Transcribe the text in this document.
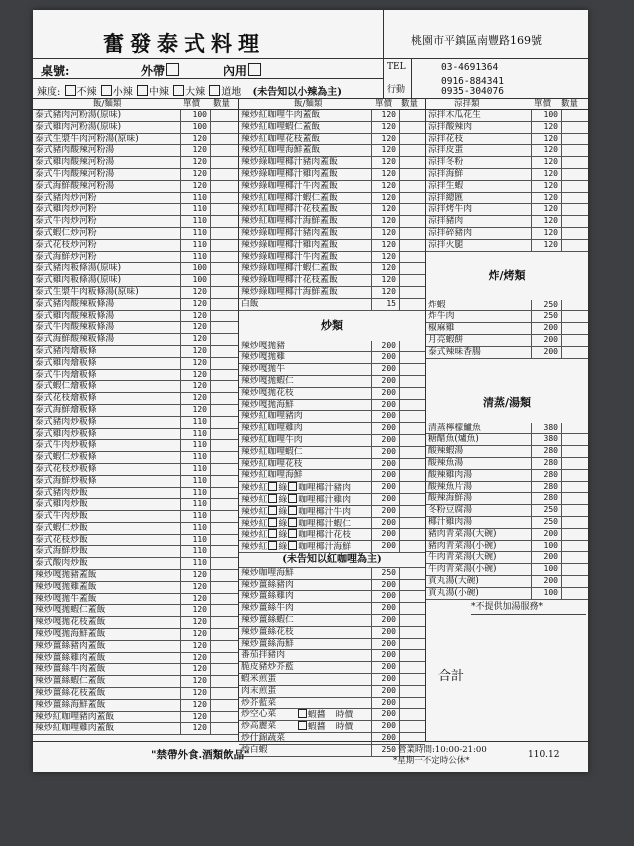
奮發泰式料理	桃園市平鎮區南豐路169號
桌號:	外帶	內用	TEL
行動
03-4691364
0916-884341
0935-304076
辣度: 不辣 小辣 中辣 大辣 道地 (未告知以小辣為主)
飯/麵類	單價 數量
泰式豬肉河粉湯(原味)	100
泰式雞肉河粉湯(原味)	100
泰式生漿牛肉河粉湯(原味)	120
泰式豬肉酸辣河粉湯	120
泰式雞肉酸辣河粉湯	120
泰式牛肉酸辣河粉湯	120
泰式海鮮酸辣河粉湯	120
泰式豬肉炒河粉	110
泰式雞肉炒河粉	110
泰式牛肉炒河粉	110
泰式蝦仁炒河粉	110
泰式花枝炒河粉	110
泰式海鮮炒河粉	110
泰式豬肉粄條湯(原味)	100
泰式雞肉粄條湯(原味)	100
泰式生漿牛肉粄條湯(原味)	120
泰式豬肉酸辣粄條湯	120
泰式雞肉酸辣粄條湯	120
泰式牛肉酸辣粄條湯	120
泰式海鮮酸辣粄條湯	120
泰式豬肉燴粄條	120
泰式雞肉燴粄條	120
泰式牛肉燴粄條	120
泰式蝦仁燴粄條	120
泰式花枝燴粄條	120
泰式海鮮燴粄條	120
泰式豬肉炒粄條	110
泰式雞肉炒粄條	110
泰式牛肉炒粄條	110
泰式蝦仁炒粄條	110
泰式花枝炒粄條	110
泰式海鮮炒粄條	110
泰式豬肉炒飯	110
泰式雞肉炒飯	110
泰式牛肉炒飯	110
泰式蝦仁炒飯	110
泰式花枝炒飯	110
泰式海鮮炒飯	110
泰式酸肉炒飯	110
辣炒嘎拋豬蓋飯	120
辣炒嘎拋雞蓋飯	120
辣炒嘎拋牛蓋飯	120
辣炒嘎拋蝦仁蓋飯	120
辣炒嘎拋花枝蓋飯	120
辣炒嘎拋海鮮蓋飯	120
辣炒薑絲豬肉蓋飯	120
辣炒薑絲雞肉蓋飯	120
辣炒薑絲牛肉蓋飯	120
辣炒薑絲蝦仁蓋飯	120
辣炒薑絲花枝蓋飯	120
辣炒薑絲海鮮蓋飯	120
辣炒紅咖哩豬肉蓋飯	120
辣炒紅咖哩雞肉蓋飯	120
飯/麵類	單價 數量
辣炒紅咖哩牛肉蓋飯	120
辣炒紅咖哩蝦仁蓋飯	120
辣炒紅咖哩花枝蓋飯	120
辣炒紅咖哩海鮮蓋飯	120
辣炒綠咖哩椰汁豬肉蓋飯	120
辣炒綠咖哩椰汁雞肉蓋飯	120
辣炒綠咖哩椰汁牛肉蓋飯	120
辣炒紅咖哩椰汁蝦仁蓋飯	120
辣炒紅咖哩椰汁花枝蓋飯	120
辣炒紅咖哩椰汁海鮮蓋飯	120
辣炒綠咖哩椰汁豬肉蓋飯	120
辣炒綠咖哩椰汁雞肉蓋飯	120
辣炒綠咖哩椰汁牛肉蓋飯	120
辣炒綠咖哩椰汁蝦仁蓋飯	120
辣炒綠咖哩椰汁花枝蓋飯	120
辣炒綠咖哩椰汁海鮮蓋飯	120
白飯	15
炒類
辣炒嘎拋豬	200
辣炒嘎拋雞	200
辣炒嘎拋牛	200
辣炒嘎拋蝦仁	200
辣炒嘎拋花枝	200
辣炒嘎拋海鮮	200
辣炒紅咖哩豬肉	200
辣炒紅咖哩雞肉	200
辣炒紅咖哩牛肉	200
辣炒紅咖哩蝦仁	200
辣炒紅咖哩花枝	200
辣炒紅咖哩海鮮	200
辣炒紅 綠 咖哩椰汁豬肉	200
辣炒紅 綠 咖哩椰汁雞肉	200
辣炒紅 綠 咖哩椰汁牛肉	200
辣炒紅 綠 咖哩椰汁蝦仁	200
辣炒紅 綠 咖哩椰汁花枝	200
辣炒紅 綠 咖哩椰汁海鮮	200
(未告知以紅咖哩為主)
辣炒咖哩海鮮	250
辣炒薑絲豬肉	200
辣炒薑絲雞肉	200
辣炒薑絲牛肉	200
辣炒薑絲蝦仁	200
辣炒薑絲花枝	200
辣炒薑絲海鮮	200
番茄拌豬肉	200
脆皮豬炒芥藍	200
蝦米煎蛋	200
肉末煎蛋	200
炒芥藍菜	200
炒空心菜	蝦醬 時價	200
炒高麗菜	蝦醬 時價	200
炒什錦蔬菜	200
炒白蝦	250
涼拌類	單價 數量
涼拌木瓜花生	100
涼拌酸辣肉	120
涼拌花枝	120
涼拌皮蛋	120
涼拌冬粉	120
涼拌海鮮	120
涼拌生蝦	120
涼拌總匯	120
涼拌烤牛肉	120
涼拌豬肉	120
涼拌碎豬肉	120
涼拌火腿	120
炸/烤類
炸蝦	250
炸牛肉	250
椒麻雞	200
月亮蝦餅	200
泰式辣味香腸	200
清蒸/湯類
清蒸檸檬鱸魚	380
糖醋魚(爐魚)	380
酸辣蝦湯	280
酸辣魚湯	280
酸辣雞肉湯	280
酸辣魚片湯	280
酸辣海鮮湯	280
冬粉豆腐湯	250
椰汁雞肉湯	250
豬肉青菜湯(大碗)	200
豬肉青菜湯(小碗)	100
牛肉青菜湯(大碗)	200
牛肉青菜湯(小碗)	100
貢丸湯(大碗)	200
貢丸湯(小碗)	100
*不提供加湯服務*
合計
"禁帶外食.酒類飲品"	營業時間:10:00-21:00
*星期一不定時公休*
110.12
